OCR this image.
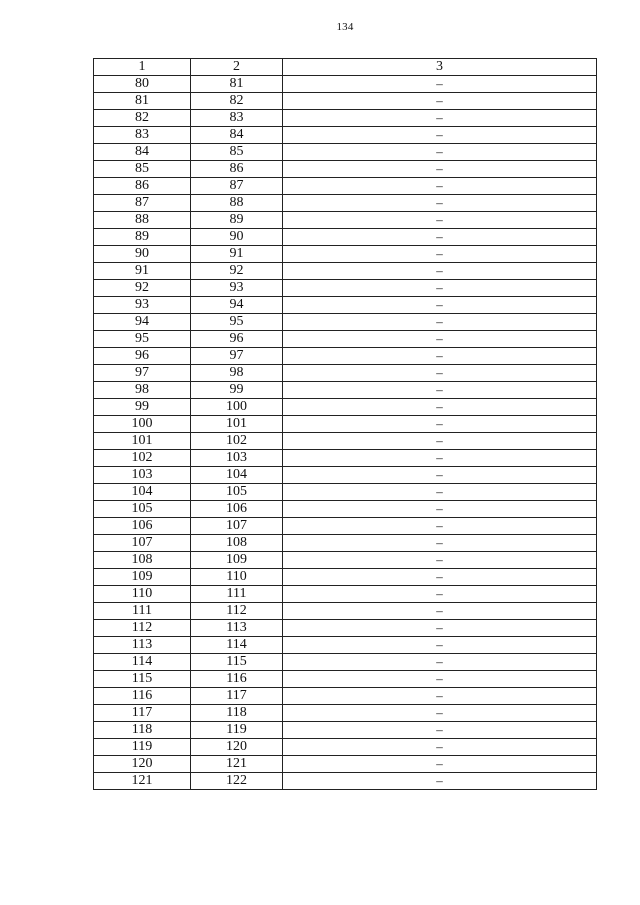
134
1	2	3
80	81	–
81	82	–
82	83	–
83	84	–
84	85	–
85	86	–
86	87	–
87	88	–
88	89	–
89	90	–
90	91	–
91	92	–
92	93	–
93	94	–
94	95	–
95	96	–
96	97	–
97	98	–
98	99	–
99	100	–
100	101	–
101	102	–
102	103	–
103	104	–
104	105	–
105	106	–
106	107	–
107	108	–
108	109	–
109	110	–
110	111	–
111	112	–
112	113	–
113	114	–
114	115	–
115	116	–
116	117	–
117	118	–
118	119	–
119	120	–
120	121	–
121	122	–
